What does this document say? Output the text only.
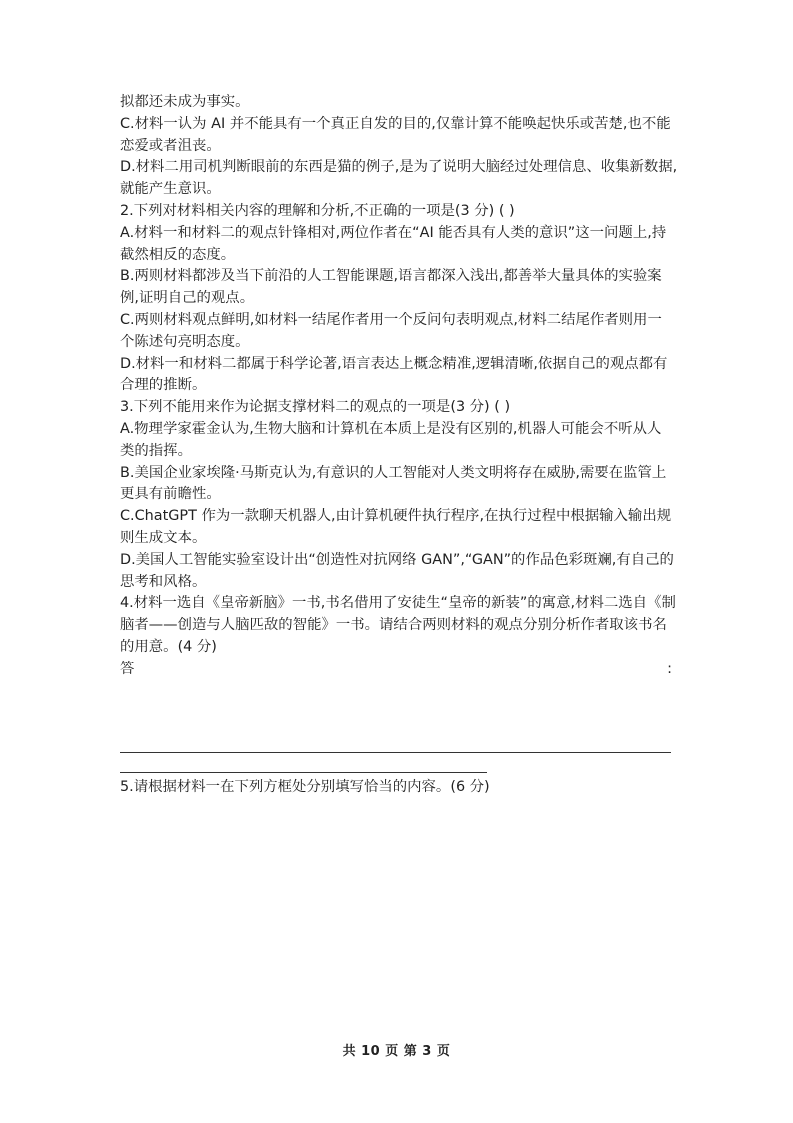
拟都还未成为事实。
C.材料一认为 AI 并不能具有一个真正自发的目的,仅靠计算不能唤起快乐或苦楚,也不能
恋爱或者沮丧。
D.材料二用司机判断眼前的东西是猫的例子,是为了说明大脑经过处理信息、收集新数据,
就能产生意识。
2.下列对材料相关内容的理解和分析,不正确的一项是(3 分) ( )
A.材料一和材料二的观点针锋相对,两位作者在“AI 能否具有人类的意识”这一问题上,持
截然相反的态度。
B.两则材料都涉及当下前沿的人工智能课题,语言都深入浅出,都善举大量具体的实验案
例,证明自己的观点。
C.两则材料观点鲜明,如材料一结尾作者用一个反问句表明观点,材料二结尾作者则用一
个陈述句亮明态度。
D.材料一和材料二都属于科学论著,语言表达上概念精准,逻辑清晰,依据自己的观点都有
合理的推断。
3.下列不能用来作为论据支撑材料二的观点的一项是(3 分) ( )
A.物理学家霍金认为,生物大脑和计算机在本质上是没有区别的,机器人可能会不听从人
类的指挥。
B.美国企业家埃隆·马斯克认为,有意识的人工智能对人类文明将存在威胁,需要在监管上
更具有前瞻性。
C.ChatGPT 作为一款聊天机器人,由计算机硬件执行程序,在执行过程中根据输入输出规
则生成文本。
D.美国人工智能实验室设计出“创造性对抗网络 GAN”,“GAN”的作品色彩斑斓,有自己的
思考和风格。
4.材料一选自《皇帝新脑》一书,书名借用了安徒生“皇帝的新装”的寓意,材料二选自《制
脑者——创造与人脑匹敌的智能》一书。请结合两则材料的观点分别分析作者取该书名
的用意。(4 分)
答	:
5.请根据材料一在下列方框处分别填写恰当的内容。(6 分)
共 10 页 第 3 页
